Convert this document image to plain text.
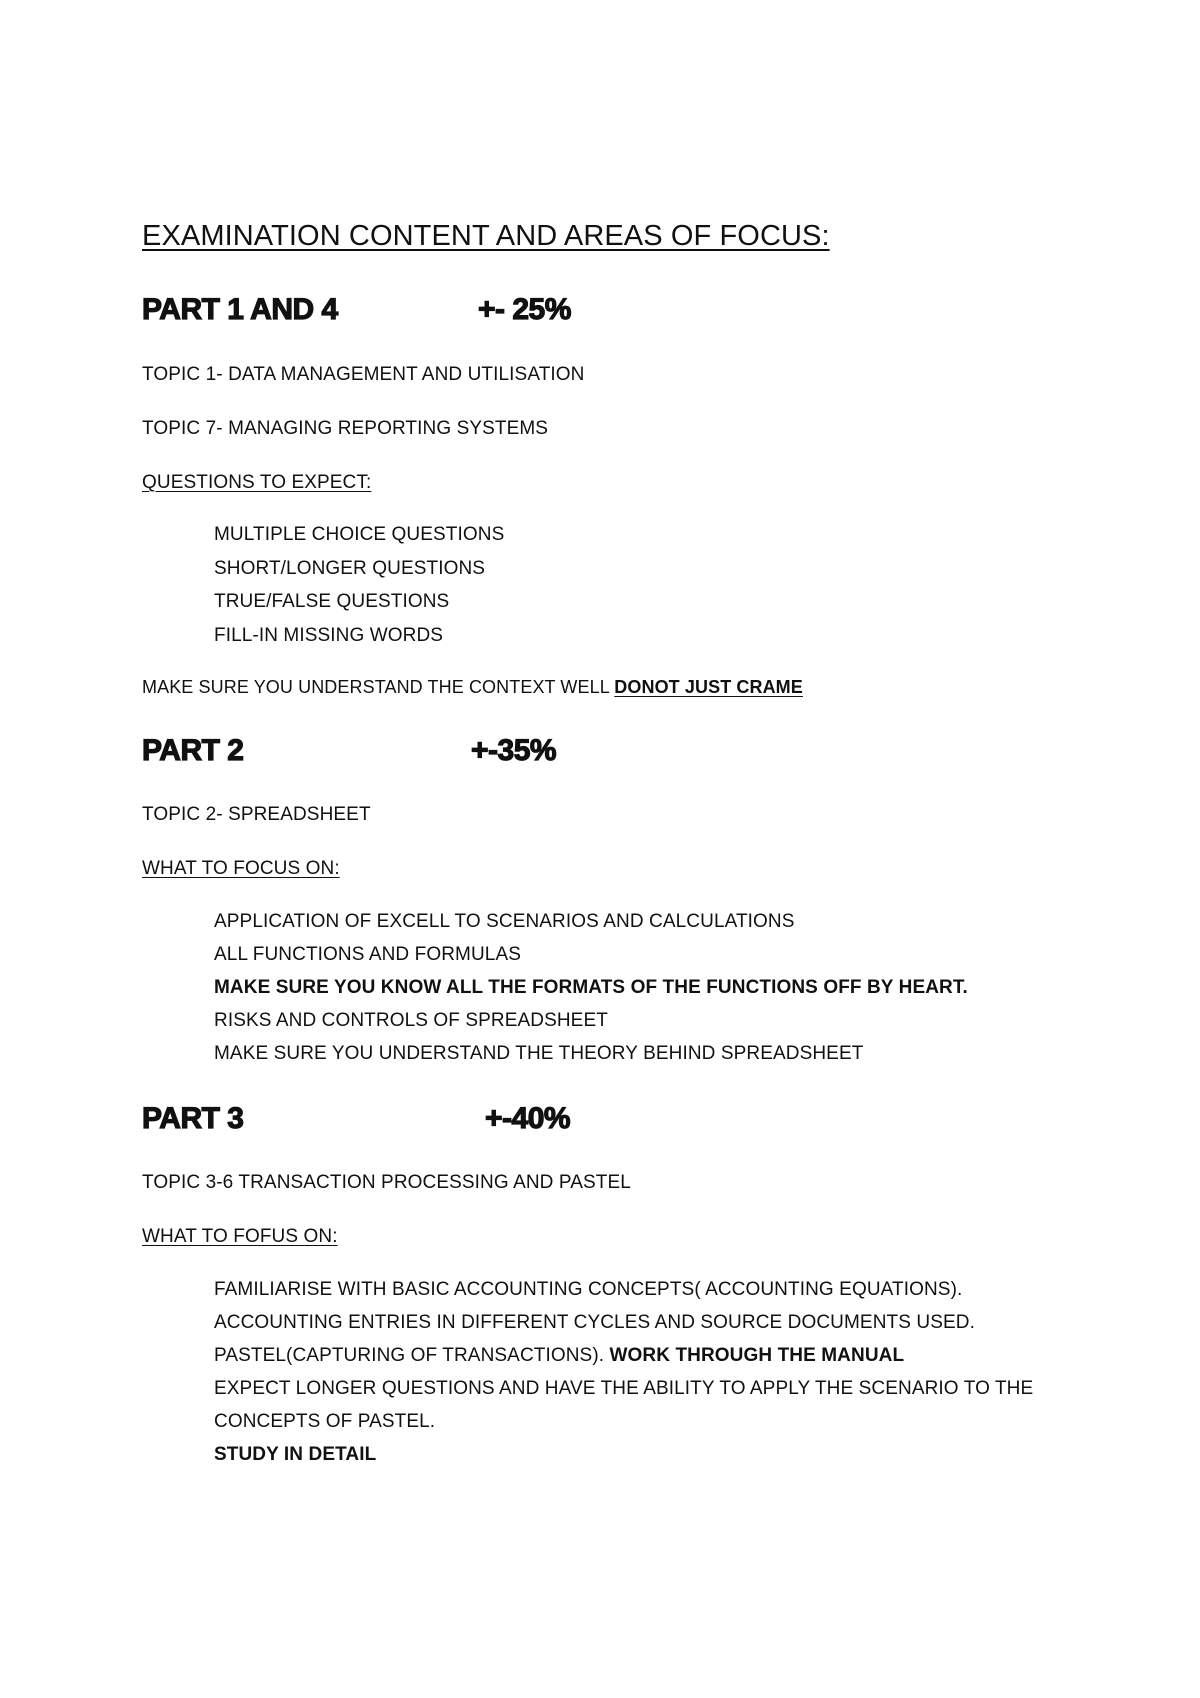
EXAMINATION CONTENT AND AREAS OF FOCUS:
PART 1 AND 4	+- 25%
TOPIC 1- DATA MANAGEMENT AND UTILISATION
TOPIC 7- MANAGING REPORTING SYSTEMS
QUESTIONS TO EXPECT:
MULTIPLE CHOICE QUESTIONS
SHORT/LONGER QUESTIONS
TRUE/FALSE QUESTIONS
FILL-IN MISSING WORDS
MAKE SURE YOU UNDERSTAND THE CONTEXT WELL DONOT JUST CRAME
PART 2	+-35%
TOPIC 2- SPREADSHEET
WHAT TO FOCUS ON:
APPLICATION OF EXCELL TO SCENARIOS AND CALCULATIONS
ALL FUNCTIONS AND FORMULAS
MAKE SURE YOU KNOW ALL THE FORMATS OF THE FUNCTIONS OFF BY HEART.
RISKS AND CONTROLS OF SPREADSHEET
MAKE SURE YOU UNDERSTAND THE THEORY BEHIND SPREADSHEET
PART 3	+-40%
TOPIC 3-6 TRANSACTION PROCESSING AND PASTEL
WHAT TO FOFUS ON:
FAMILIARISE WITH BASIC ACCOUNTING CONCEPTS( ACCOUNTING EQUATIONS).
ACCOUNTING ENTRIES IN DIFFERENT CYCLES AND SOURCE DOCUMENTS USED.
PASTEL(CAPTURING OF TRANSACTIONS). WORK THROUGH THE MANUAL
EXPECT LONGER QUESTIONS AND HAVE THE ABILITY TO APPLY THE SCENARIO TO THE
CONCEPTS OF PASTEL.
STUDY IN DETAIL
